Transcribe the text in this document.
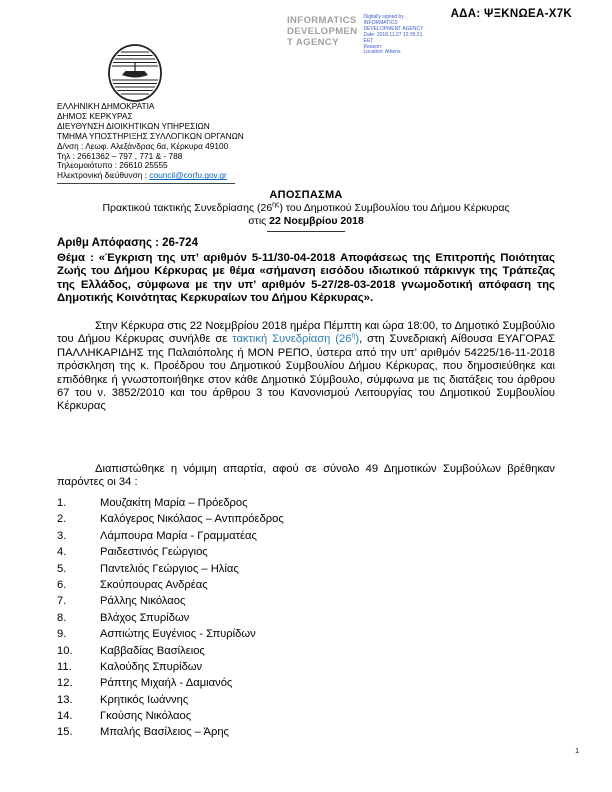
ΑΔΑ: ΨΞΚΝΩΕΑ-Χ7Κ
INFORMATICS
DEVELOPMEN
T AGENCY
Digitally signed by
INFORMATICS
DEVELOPMENT AGENCY
Date: 2018.11.27 12:35:21
EET
Reason:
Location: Athens
ΕΛΛΗΝΙΚΗ ΔΗΜΟΚΡΑΤΙΑ
ΔΗΜΟΣ ΚΕΡΚΥΡΑΣ
ΔΙΕΥΘΥΝΣΗ ΔΙΟΙΚΗΤΙΚΩΝ ΥΠΗΡΕΣΙΩΝ
ΤΜΗΜΑ ΥΠΟΣΤΗΡΙΞΗΣ ΣΥΛΛΟΓΙΚΩΝ ΟΡΓΑΝΩΝ
Δ/νση : Λεωφ. Αλεξάνδρας 6α, Κέρκυρα 49100
Τηλ : 2661362 – 797 , 771 & - 788
Τηλεομοιότυπο : 26610 25555
Ηλεκτρονική διεύθυνση : council@corfu.gov.gr
ΑΠΟΣΠΑΣΜΑ
Πρακτικού τακτικής Συνεδρίασης $(26^{\eta\varsigma})$ του Δημοτικού Συμβουλίου του Δήμου Κέρκυρας
στις 22 Νοεμβρίου 2018
Αριθμ Απόφασης : 26-724

Θέμα : «Έγκριση της υπ’ αριθμόν 5-11/30-04-2018 Αποφάσεως της Επιτροπής Ποιότητας Ζωής του Δήμου Κέρκυρας με θέμα «σήμανση εισόδου ιδιωτικού πάρκινγκ της Τράπεζας της Ελλάδος, σύμφωνα με την υπ’ αριθμόν 5-27/28-03-2018 γνωμοδοτική απόφαση της Δημοτικής Κοινότητας Κερκυραίων του Δήμου Κέρκυρας».

Στην Κέρκυρα στις 22 Νοεμβρίου 2018 ημέρα Πέμπτη και ώρα 18:00, το Δημοτικό Συμβούλιο του Δήμου Κέρκυρας συνήλθε σε τακτική Συνεδρίαση $(26^\eta)$, στη Συνεδριακή Αίθουσα ΕΥΑΓΟΡΑΣ ΠΑΛΛΗΚΑΡΙΔΗΣ της Παλαιόπολης ή ΜΟΝ ΡΕΠΟ, ύστερα από την υπ’ αριθμόν 54225/16-11-2018 πρόσκληση της κ. Προέδρου του Δημοτικού Συμβουλίου Δήμου Κέρκυρας, που δημοσιεύθηκε και επιδόθηκε ή γνωστοποιήθηκε στον κάθε Δημοτικό Σύμβουλο, σύμφωνα με τις διατάξεις του άρθρου 67 του ν. 3852/2010 και του άρθρου 3 του Κανονισμού Λειτουργίας του Δημοτικού Συμβουλίου Κέρκυρας

Διαπιστώθηκε η νόμιμη απαρτία, αφού σε σύνολο 49 Δημοτικών Συμβούλων βρέθηκαν παρόντες οι 34 :

1.	Μουζακίτη Μαρία – Πρόεδρος
2.	Καλόγερος Νικόλαος – Αντιπρόεδρος
3.	Λάμπουρα Μαρία - Γραμματέας
4.	Ραιδεστινός Γεώργιος
5.	Παντελιός Γεώργιος – Ηλίας
6.	Σκούπουρας Ανδρέας
7.	Ράλλης Νικόλαος
8.	Βλάχος Σπυρίδων
9.	Ασπιώτης Ευγένιος - Σπυρίδων
10.	Καββαδίας Βασίλειος
11.	Καλούδης Σπυρίδων
12.	Ράπτης Μιχαήλ - Δαμιανός
13.	Κρητικός Ιωάννης
14.	Γκούσης Νικόλαος
15.	Μπαλής Βασίλειος – Άρης
1
